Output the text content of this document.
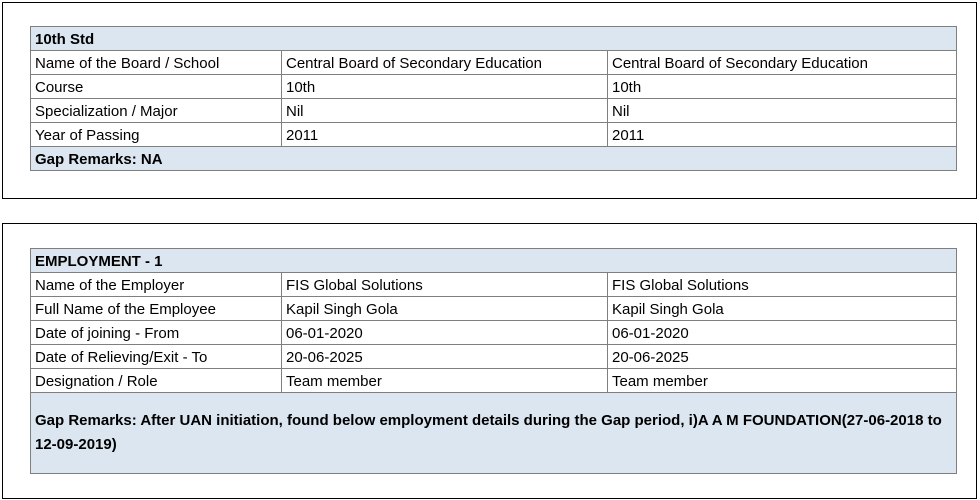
10th Std		
Name of the Board / School	Central Board of Secondary Education	Central Board of Secondary Education
Course	10th	10th
Specialization / Major	Nil	Nil
Year of Passing	2011	2011
Gap Remarks: NA		
EMPLOYMENT - 1		
Name of the Employer	FIS Global Solutions	FIS Global Solutions
Full Name of the Employee	Kapil Singh Gola	Kapil Singh Gola
Date of joining - From	06-01-2020	06-01-2020
Date of Relieving/Exit - To	20-06-2025	20-06-2025
Designation / Role	Team member	Team member
Gap Remarks: After UAN initiation, found below employment details during the Gap period, i)A A M FOUNDATION(27-06-2018 to 12-09-2019)		
